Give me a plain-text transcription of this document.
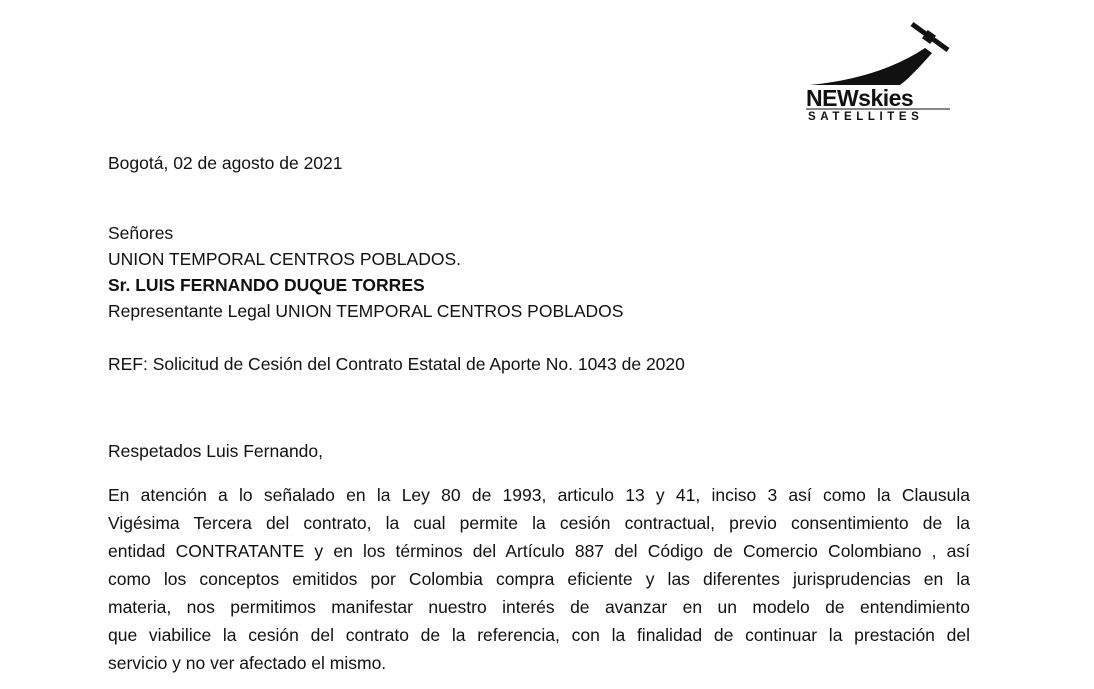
NEWskies
SATELLITES
Bogotá, 02 de agosto de 2021
Señores
UNION TEMPORAL CENTROS POBLADOS.
Sr. LUIS FERNANDO DUQUE TORRES
Representante Legal UNION TEMPORAL CENTROS POBLADOS
REF: Solicitud de Cesión del Contrato Estatal de Aporte No. 1043 de 2020
Respetados Luis Fernando,
En atención a lo señalado en la Ley 80 de 1993, articulo 13 y 41, inciso 3 así como la Clausula
Vigésima Tercera del contrato, la cual permite la cesión contractual, previo consentimiento de la
entidad CONTRATANTE y en los términos del Artículo 887 del Código de Comercio Colombiano , así
como los conceptos emitidos por Colombia compra eficiente y las diferentes jurisprudencias en la
materia, nos permitimos manifestar nuestro interés de avanzar en un modelo de entendimiento
que viabilice la cesión del contrato de la referencia, con la finalidad de continuar la prestación del
servicio y no ver afectado el mismo.
